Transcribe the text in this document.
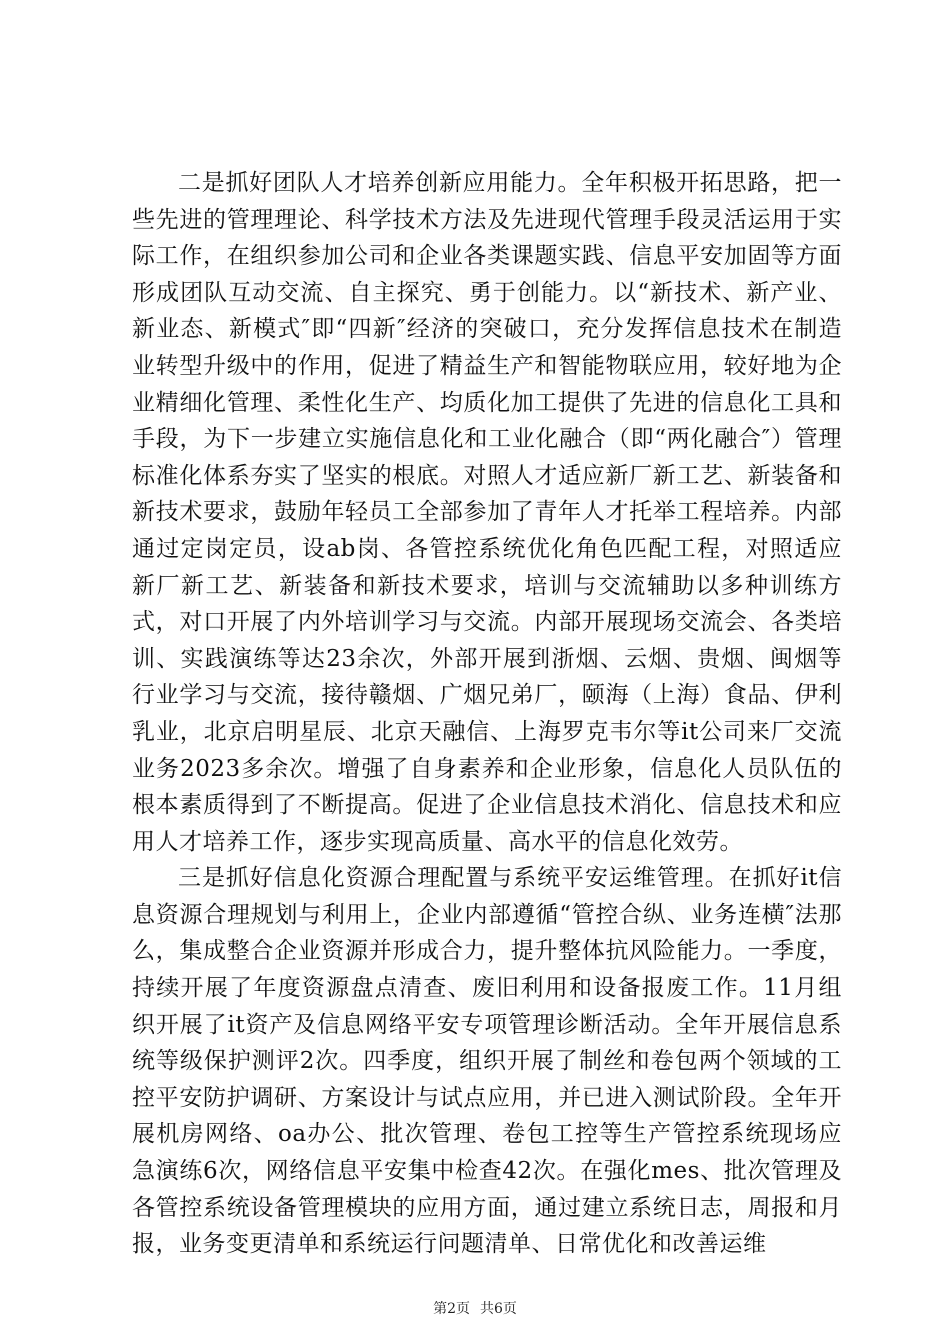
二是抓好团队人才培养创新应用能力。全年积极开拓思路，把一些先进的管理理论、科学技术方法及先进现代管理手段灵活运用于实际工作，在组织参加公司和企业各类课题实践、信息平安加固等方面形成团队互动交流、自主探究、勇于创能力。以“新技术、新产业、新业态、新模式″即“四新″经济的突破口，充分发挥信息技术在制造业转型升级中的作用，促进了精益生产和智能物联应用，较好地为企业精细化管理、柔性化生产、均质化加工提供了先进的信息化工具和手段，为下一步建立实施信息化和工业化融合（即“两化融合″）管理标准化体系夯实了坚实的根底。对照人才适应新厂新工艺、新装备和新技术要求，鼓励年轻员工全部参加了青年人才托举工程培养。内部通过定岗定员，设ab岗、各管控系统优化角色匹配工程，对照适应新厂新工艺、新装备和新技术要求，培训与交流辅助以多种训练方式，对口开展了内外培训学习与交流。内部开展现场交流会、各类培训、实践演练等达23余次，外部开展到浙烟、云烟、贵烟、闽烟等行业学习与交流，接待赣烟、广烟兄弟厂，颐海（上海）食品、伊利乳业，北京启明星辰、北京天融信、上海罗克韦尔等it公司来厂交流业务2023多余次。增强了自身素养和企业形象，信息化人员队伍的根本素质得到了不断提高。促进了企业信息技术消化、信息技术和应用人才培养工作，逐步实现高质量、高水平的信息化效劳。

三是抓好信息化资源合理配置与系统平安运维管理。在抓好it信息资源合理规划与利用上，企业内部遵循“管控合纵、业务连横″法那么，集成整合企业资源并形成合力，提升整体抗风险能力。一季度，持续开展了年度资源盘点清查、废旧利用和设备报废工作。11月组织开展了it资产及信息网络平安专项管理诊断活动。全年开展信息系统等级保护测评2次。四季度，组织开展了制丝和卷包两个领域的工控平安防护调研、方案设计与试点应用，并已进入测试阶段。全年开展机房网络、oa办公、批次管理、卷包工控等生产管控系统现场应急演练6次，网络信息平安集中检查42次。在强化mes、批次管理及各管控系统设备管理模块的应用方面，通过建立系统日志，周报和月报，业务变更清单和系统运行问题清单、日常优化和改善运维

第2页 共6页
